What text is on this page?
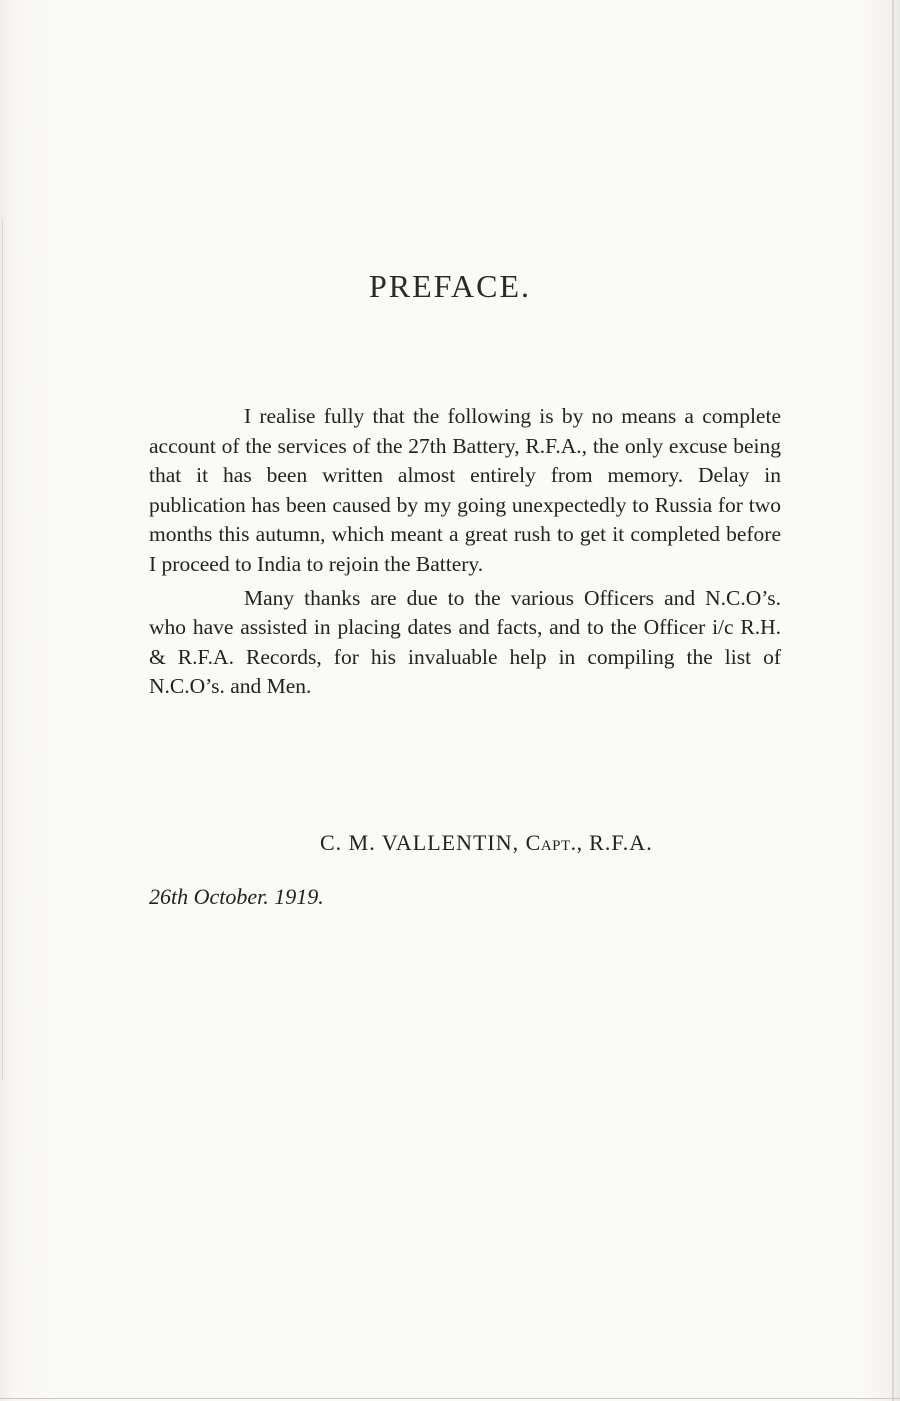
PREFACE.

I realise fully that the following is by no means a complete account of the services of the 27th Battery, R.F.A., the only excuse being that it has been written almost entirely from memory. Delay in publication has been caused by my going unexpectedly to Russia for two months this autumn, which meant a great rush to get it completed before I proceed to India to rejoin the Battery.

Many thanks are due to the various Officers and N.C.O’s. who have assisted in placing dates and facts, and to the Officer i/c R.H. & R.F.A. Records, for his invaluable help in compiling the list of N.C.O’s. and Men.

C. M. VALLENTIN, Capt., R.F.A.
26th October. 1919.
